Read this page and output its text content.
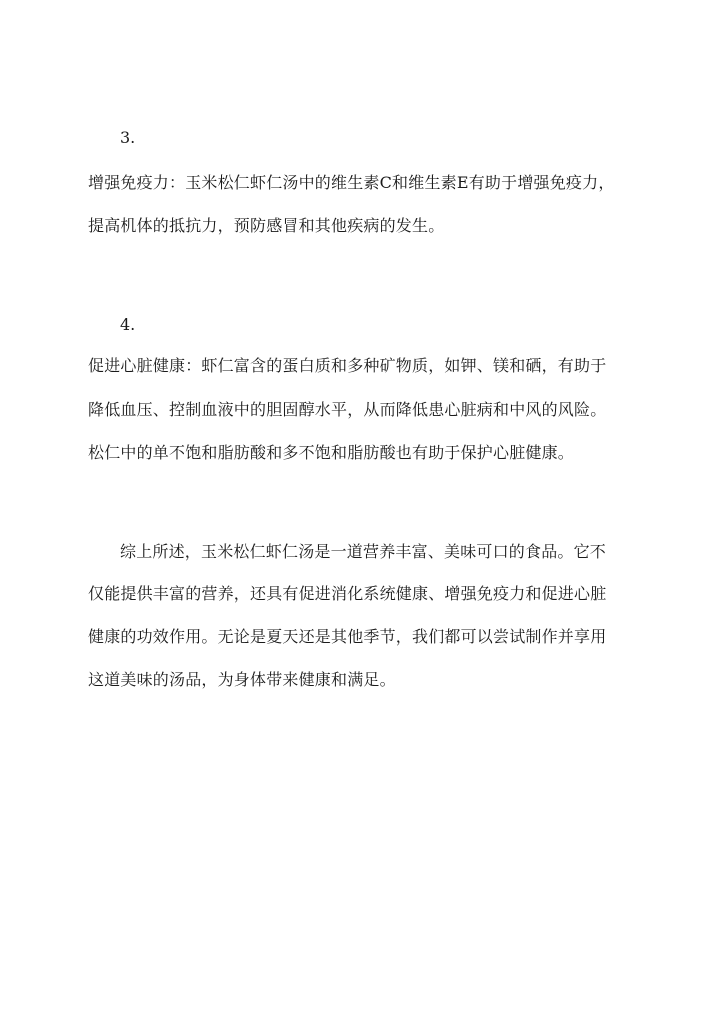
3.

增强免疫力：玉米松仁虾仁汤中的维生素C和维生素E有助于增强免疫力，

提高机体的抵抗力，预防感冒和其他疾病的发生。

4.

促进心脏健康：虾仁富含的蛋白质和多种矿物质，如钾、镁和硒，有助于

降低血压、控制血液中的胆固醇水平，从而降低患心脏病和中风的风险。

松仁中的单不饱和脂肪酸和多不饱和脂肪酸也有助于保护心脏健康。

综上所述，玉米松仁虾仁汤是一道营养丰富、美味可口的食品。它不

仅能提供丰富的营养，还具有促进消化系统健康、增强免疫力和促进心脏

健康的功效作用。无论是夏天还是其他季节，我们都可以尝试制作并享用

这道美味的汤品，为身体带来健康和满足。
